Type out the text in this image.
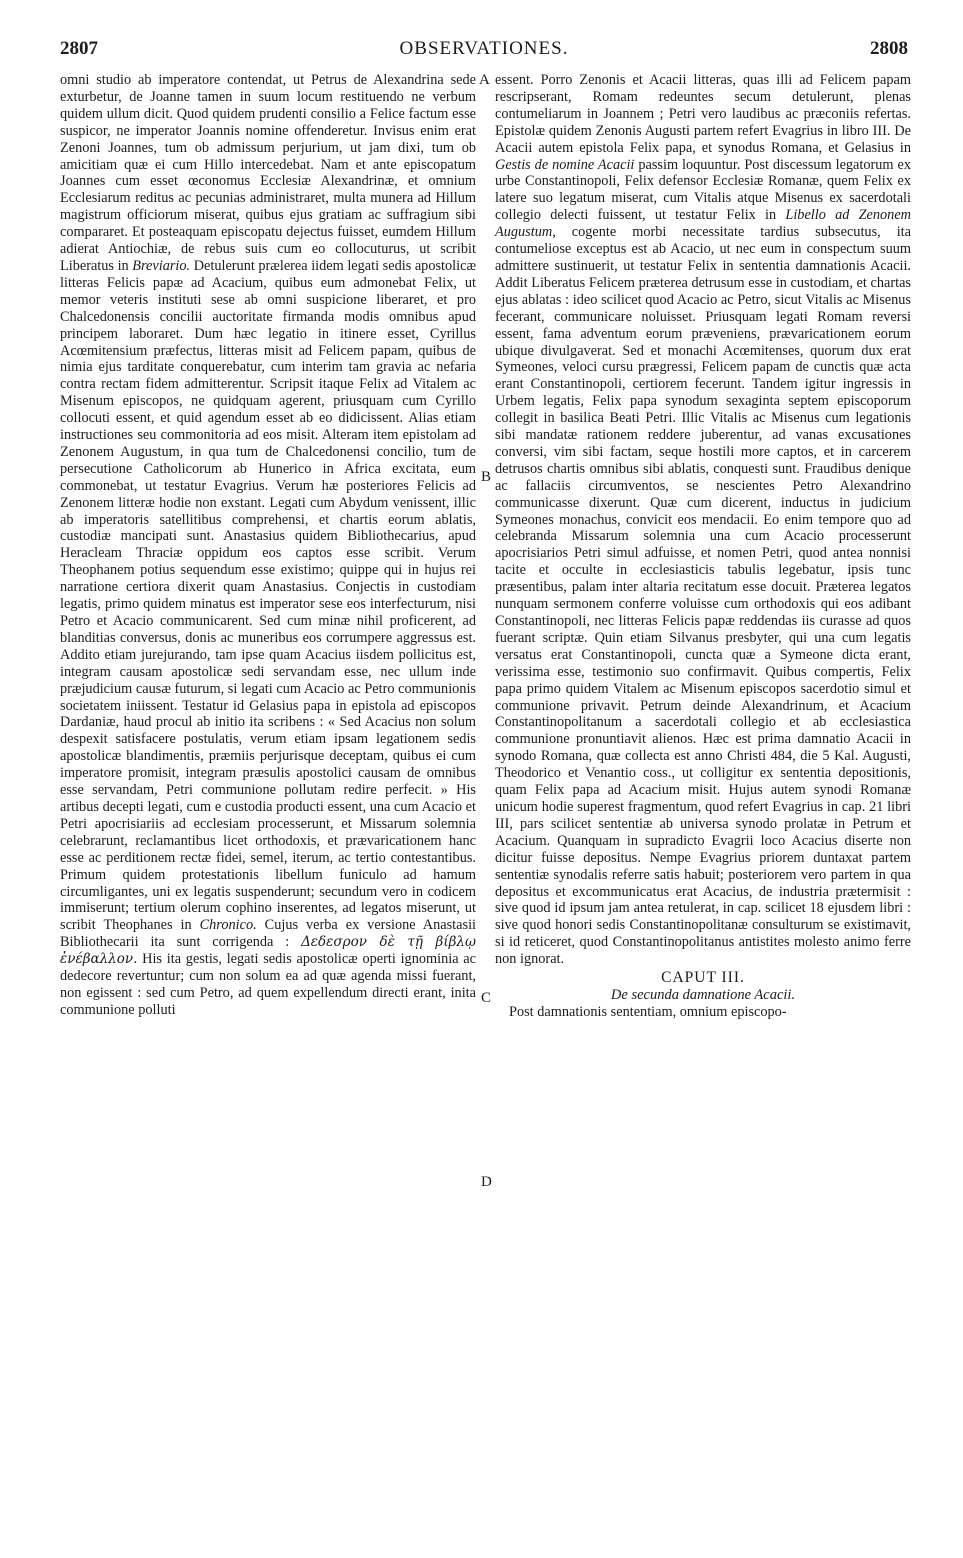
2807	OBSERVATIONES.	2808

omni studio ab imperatore contendat, ut Petrus de Alexandrina sede exturbetur, de Joanne tamen in suum locum restituendo ne verbum quidem ullum dicit. Quod quidem prudenti consilio a Felice factum esse suspicor, ne imperator Joannis nomine offenderetur. Invisus enim erat Zenoni Joannes, tum ob admissum perjurium, ut jam dixi, tum ob amicitiam quæ ei cum Hillo intercedebat. Nam et ante episcopatum Joannes cum esset œconomus Ecclesiæ Alexandrinæ, et omnium Ecclesiarum reditus ac pecunias administraret, multa munera ad Hillum magistrum officiorum miserat, quibus ejus gratiam ac suffragium sibi compararet. Et posteaquam episcopatu dejectus fuisset, eumdem Hillum adierat Antiochiæ, de rebus suis cum eo collocuturus, ut scribit Liberatus in Breviario. Detulerunt prælerea iidem legati sedis apostolicæ litteras Felicis papæ ad Acacium, quibus eum admonebat Felix, ut memor veteris instituti sese ab omni suspicione liberaret, et pro Chalcedonensis concilii auctoritate firmanda modis omnibus apud principem laboraret. Dum hæc legatio in itinere esset, Cyrillus Acœmitensium præfectus, litteras misit ad Felicem papam, quibus de nimia ejus tarditate conquerebatur, cum interim tam gravia ac nefaria contra rectam fidem admitterentur. Scripsit itaque Felix ad Vitalem ac Misenum episcopos, ne quidquam agerent, priusquam cum Cyrillo collocuti essent, et quid agendum esset ab eo didicissent. Alias etiam instructiones seu commonitoria ad eos misit. Alteram item epistolam ad Zenonem Augustum, in qua tum de Chalcedonensi concilio, tum de persecutione Catholicorum ab Hunerico in Africa excitata, eum commonebat, ut testatur Evagrius. Verum hæ posteriores Felicis ad Zenonem litteræ hodie non exstant. Legati cum Abydum venissent, illic ab imperatoris satellitibus comprehensi, et chartis eorum ablatis, custodiæ mancipati sunt. Anastasius quidem Bibliothecarius, apud Heracleam Thraciæ oppidum eos captos esse scribit. Verum Theophanem potius sequendum esse existimo; quippe qui in hujus rei narratione certiora dixerit quam Anastasius. Conjectis in custodiam legatis, primo quidem minatus est imperator sese eos interfecturum, nisi Petro et Acacio communicarent. Sed cum minæ nihil proficerent, ad blanditias conversus, donis ac muneribus eos corrumpere aggressus est. Addito etiam jurejurando, tam ipse quam Acacius iisdem pollicitus est, integram causam apostolicæ sedi servandam esse, nec ullum inde præjudicium causæ futurum, si legati cum Acacio ac Petro communionis societatem iniissent. Testatur id Gelasius papa in epistola ad episcopos Dardaniæ, haud procul ab initio ita scribens : « Sed Acacius non solum despexit satisfacere postulatis, verum etiam ipsam legationem sedis apostolicæ blandimentis, præmiis perjurisque deceptam, quibus ei cum imperatore promisit, integram præsulis apostolici causam de omnibus esse servandam, Petri communione pollutam redire perfecit. » His artibus decepti legati, cum e custodia producti essent, una cum Acacio et Petri apocrisiariis ad ecclesiam processerunt, et Missarum solemnia celebrarunt, reclamantibus licet orthodoxis, et prævaricationem hanc esse ac perditionem rectæ fidei, semel, iterum, ac tertio contestantibus. Primum quidem protestationis libellum funiculo ad hamum circumligantes, uni ex legatis suspenderunt; secundum vero in codicem immiserunt; tertium olerum cophino inserentes, ad legatos miserunt, ut scribit Theophanes in Chronico. Cujus verba ex versione Anastasii Bibliothecarii ita sunt corrigenda : Δεδεσρον δὲ τῇ βίβλῳ ἐνέβαλλον. His ita gestis, legati sedis apostolicæ operti ignominia ac dedecore revertuntur; cum non solum ea ad quæ agenda missi fuerant, non egissent : sed cum Petro, ad quem expellendum directi erant, inita communione polluti

A
B
C
D

essent. Porro Zenonis et Acacii litteras, quas illi ad Felicem papam rescripserant, Romam redeuntes secum detulerunt, plenas contumeliarum in Joannem ; Petri vero laudibus ac præconiis refertas. Epistolæ quidem Zenonis Augusti partem refert Evagrius in libro III. De Acacii autem epistola Felix papa, et synodus Romana, et Gelasius in Gestis de nomine Acacii passim loquuntur. Post discessum legatorum ex urbe Constantinopoli, Felix defensor Ecclesiæ Romanæ, quem Felix ex latere suo legatum miserat, cum Vitalis atque Misenus ex sacerdotali collegio delecti fuissent, ut testatur Felix in Libello ad Zenonem Augustum, cogente morbi necessitate tardius subsecutus, ita contumeliose exceptus est ab Acacio, ut nec eum in conspectum suum admittere sustinuerit, ut testatur Felix in sententia damnationis Acacii. Addit Liberatus Felicem præterea detrusum esse in custodiam, et chartas ejus ablatas : ideo scilicet quod Acacio ac Petro, sicut Vitalis ac Misenus fecerant, communicare noluisset. Priusquam legati Romam reversi essent, fama adventum eorum præveniens, prævaricationem eorum ubique divulgaverat. Sed et monachi Acœmitenses, quorum dux erat Symeones, veloci cursu prægressi, Felicem papam de cunctis quæ acta erant Constantinopoli, certiorem fecerunt. Tandem igitur ingressis in Urbem legatis, Felix papa synodum sexaginta septem episcoporum collegit in basilica Beati Petri. Illic Vitalis ac Misenus cum legationis sibi mandatæ rationem reddere juberentur, ad vanas excusationes conversi, vim sibi factam, seque hostili more captos, et in carcerem detrusos chartis omnibus sibi ablatis, conquesti sunt. Fraudibus denique ac fallaciis circumventos, se nescientes Petro Alexandrino communicasse dixerunt. Quæ cum dicerent, inductus in judicium Symeones monachus, convicit eos mendacii. Eo enim tempore quo ad celebranda Missarum solemnia una cum Acacio processerunt apocrisiarios Petri simul adfuisse, et nomen Petri, quod antea nonnisi tacite et occulte in ecclesiasticis tabulis legebatur, ipsis tunc præsentibus, palam inter altaria recitatum esse docuit. Præterea legatos nunquam sermonem conferre voluisse cum orthodoxis qui eos adibant Constantinopoli, nec litteras Felicis papæ reddendas iis curasse ad quos fuerant scriptæ. Quin etiam Silvanus presbyter, qui una cum legatis versatus erat Constantinopoli, cuncta quæ a Symeone dicta erant, verissima esse, testimonio suo confirmavit. Quibus compertis, Felix papa primo quidem Vitalem ac Misenum episcopos sacerdotio simul et communione privavit. Petrum deinde Alexandrinum, et Acacium Constantinopolitanum a sacerdotali collegio et ab ecclesiastica communione pronuntiavit alienos. Hæc est prima damnatio Acacii in synodo Romana, quæ collecta est anno Christi 484, die 5 Kal. Augusti, Theodorico et Venantio coss., ut colligitur ex sententia depositionis, quam Felix papa ad Acacium misit. Hujus autem synodi Romanæ unicum hodie superest fragmentum, quod refert Evagrius in cap. 21 libri III, pars scilicet sententiæ ab universa synodo prolatæ in Petrum et Acacium. Quanquam in supradicto Evagrii loco Acacius diserte non dicitur fuisse depositus. Nempe Evagrius priorem duntaxat partem sententiæ synodalis referre satis habuit; posteriorem vero partem in qua depositus et excommunicatus erat Acacius, de industria prætermisit : sive quod id ipsum jam antea retulerat, in cap. scilicet 18 ejusdem libri : sive quod honori sedis Constantinopolitanæ consulturum se existimavit, si id reticeret, quod Constantinopolitanus antistites molesto animo ferre non ignorat.

CAPUT III.
De secunda damnatione Acacii.

Post damnationis sententiam, omnium episcopo-
